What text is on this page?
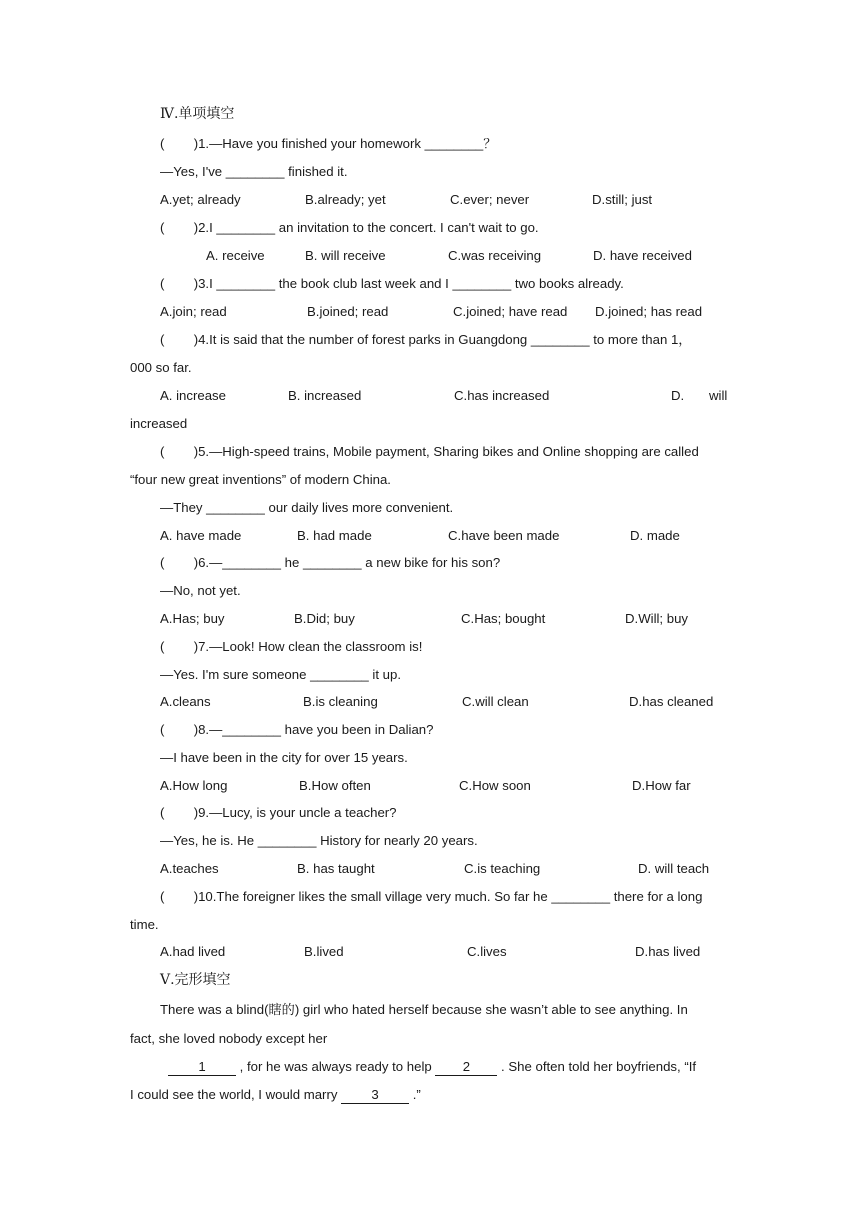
Ⅳ.单项填空
(        )1.—Have you finished your homework ________？
—Yes, I've ________ finished it.

A.yet; already

	B.already; yet

	C.ever; never

	D.still; just

(        )2.I ________ an invitation to the concert. I can't wait to go.

A. receive

	B. will receive

	C.was receiving

	D. have received

(        )3.I ________ the book club last week and I ________ two books already.

A.join; read

	B.joined; read

	C.joined; have read

D.joined; has read

(        )4.It is said that the number of forest parks in Guangdong ________ to more than 1，
000 so far.

A. increase

	B. increased

	C.has increased

	D.

will

increased
(        )5.—High-speed trains, Mobile payment, Sharing bikes and Online shopping are called
“four new great inventions” of modern China.
—They ________ our daily lives more convenient.

A. have made

	B. had made

	C.have been made

	D. made

(        )6.—________ he ________ a new bike for his son?
—No, not yet.

A.Has; buy

	B.Did; buy

	C.Has; bought

	D.Will; buy

(        )7.—Look! How clean the classroom is!
—Yes. I'm sure someone ________ it up.

A.cleans

	B.is cleaning

	C.will clean

	D.has cleaned

(        )8.—________ have you been in Dalian?
—I have been in the city for over 15 years.

A.How long

	B.How often

	C.How soon

	D.How far

(        )9.—Lucy, is your uncle a teacher?
—Yes, he is. He ________ History for nearly 20 years.

A.teaches

	B. has taught

	C.is teaching

	D. will teach

(        )10.The foreigner likes the small village very much. So far he ________ there for a long
time.

A.had lived

	B.lived

	C.lives

	D.has lived

Ⅴ.完形填空
There was a blind(瞎的) girl who hated herself because she wasn’t able to see anything. In
fact, she loved nobody except her
1 , for he was always ready to help 2 . She often told her boyfriends, “If
I could see the world, I would marry 3 .”
